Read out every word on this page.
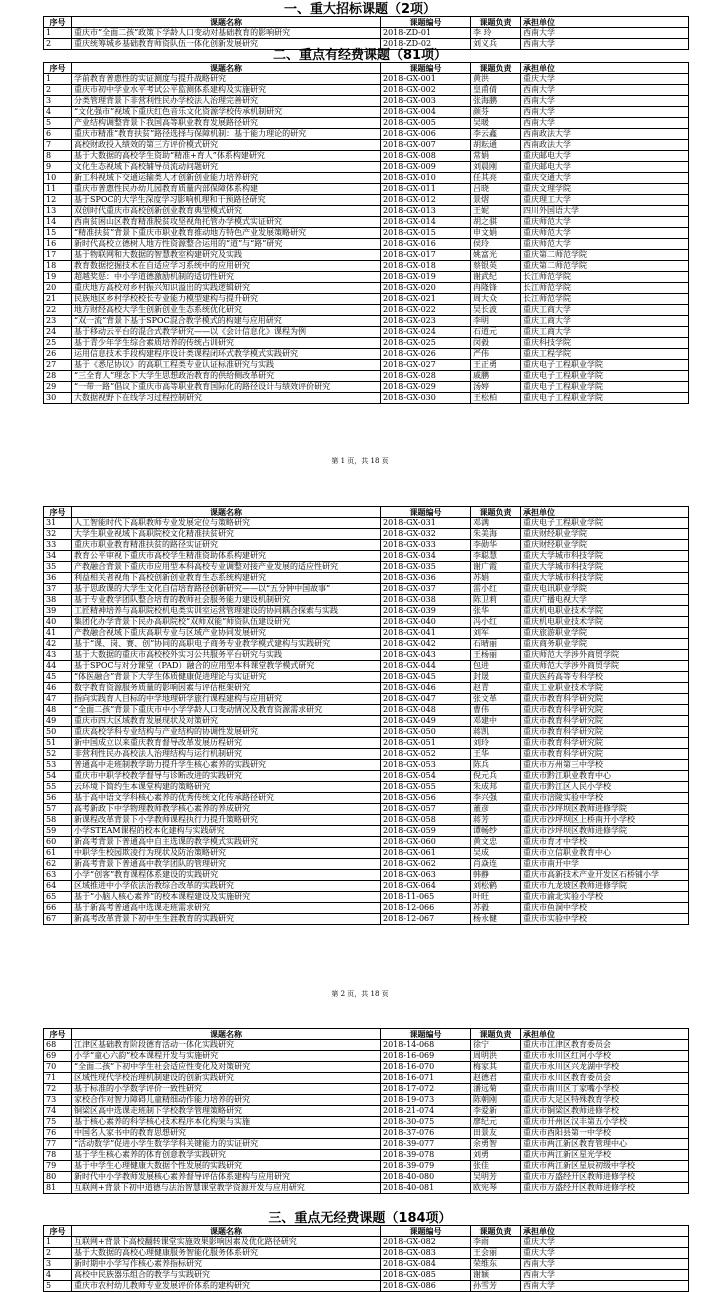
一、重大招标课题（2项）
序号	课题名称	课题编号	课题负责	承担单位
1	重庆市“全面二孩”政策下学龄人口变动对基础教育的影响研究	2018-ZD-01	李 玲	西南大学
2	重庆统筹城乡基础教育师资队伍一体化创新发展研究	2018-ZD-02	刘义兵	西南大学
二、重点有经费课题（81项）
序号	课题名称	课题编号	课题负责	承担单位
1	学前教育普惠性的实证测度与提升战略研究	2018-GX-001	黄洪	重庆大学
2	重庆市初中学业水平考试公平监测体系建构及实施研究	2018-GX-002	皇甫倩	西南大学
3	分类管理背景下非营利性民办学校法人治理完善研究	2018-GX-003	张海鹏	西南大学
4	“文化强市”视域下重庆红色音乐文化资源学校传承机制研究	2018-GX-004	颜芬	西南大学
5	产业结构调整背景下我国高等职业教育发展路径研究	2018-GX-005	吴暖	西南大学
6	重庆市精准“教育扶贫”路径选择与保障机制：基于能力理论的研究	2018-GX-006	李云鑫	西南政法大学
7	高校财政投入绩效的第三方评价模式研究	2018-GX-007	胡耘通	西南政法大学
8	基于大数据的高校学生资助“精准+育人”体系构建研究	2018-GX-008	常娟	重庆邮电大学
9	文化生态视域下高校辅导员流动问题研究	2018-GX-009	刘晨刚	重庆邮电大学
10	新工科视域下交通运输类人才创新创业能力培养研究	2018-GX-010	任其亮	重庆交通大学
11	重庆市普惠性民办幼儿园教育质量内部保障体系构建	2018-GX-011	吕晓	重庆文理学院
12	基于SPOC的大学生深度学习影响机理和干预路径研究	2018-GX-012	景熠	重庆理工大学
13	双创时代重庆市高校创新创业教育典型模式研究	2018-GX-013	王妮	四川外国语大学
14	西南贫困山区教育精准脱贫攻坚视角托管办学模式实证研究	2018-GX-014	胡之骐	重庆师范大学
15	“精准扶贫”背景下重庆市职业教育推动地方特色产业发展策略研究	2018-GX-015	申文娟	重庆师范大学
16	新时代高校立德树人地方性资源整合运用的“道”与“路”研究	2018-GX-016	侯玲	重庆师范大学
17	基于物联网和大数据的智慧教室构建研究及实践	2018-GX-017	姚富光	重庆第二师范学院
18	教育数据挖掘技术在自适应学习系统中的应用研究	2018-GX-018	蔡银英	重庆第二师范学院
19	超越奖惩：中小学道德激励机制的适切性研究	2018-GX-019	谢武纪	长江师范学院
20	重庆地方高校对乡村振兴知识溢出的实践逻辑研究	2018-GX-020	冉隆锋	长江师范学院
21	民族地区乡村学校校长专业能力模型建构与提升研究	2018-GX-021	周大众	长江师范学院
22	地方财经高校大学生创新创业生态系统优化研究	2018-GX-022	吴长波	重庆工商大学
23	“双一流”背景下基于SPOC混合教学模式的构建与应用研究	2018-GX-023	李明	重庆工商大学
24	基于移动云平台的混合式教学研究——以《会计信息化》课程为例	2018-GX-024	石道元	重庆工商大学
25	基于青少年学生综合素质培养的传统占训研究	2018-GX-025	闵毅	重庆科技学院
26	运用信息技术手段构建程序设计类课程闭环式教学模式实践研究	2018-GX-026	严伟	重庆工程学院
27	基于《悉尼协议》的高职工程类专业认证标准研究与实践	2018-GX-027	王正勇	重庆电子工程职业学院
28	“三全育人”理念下大学生思想政治教育的供给侧改革研究	2018-GX-028	戚鹏	重庆电子工程职业学院
29	“一带一路”倡议下重庆市高等职业教育国际化的路径设计与绩效评价研究	2018-GX-029	汤婷	重庆电子工程职业学院
30	大数据视野下在线学习过程控制研究	2018-GX-030	王松柏	重庆电子工程职业学院
第 1 页，共 18 页
序号	课题名称	课题编号	课题负责	承担单位
31	人工智能时代下高职教师专业发展定位与策略研究	2018-GX-031	邓满	重庆电子工程职业学院
32	大学生职业视域下高职院校文化精准扶贫研究	2018-GX-032	朱美海	重庆财经职业学院
33	重庆市职业教育精准扶贫的路径实证研究	2018-GX-033	李勋华	重庆财经职业学院
34	教育公平审视下重庆市高校学生精准资助体系构建研究	2018-GX-034	李聪慧	重庆大学城市科技学院
35	产教融合背景下重庆市应用型本科高校专业调整对接产业发展的适应性研究	2018-GX-035	谢广霞	重庆大学城市科技学院
36	利益相关者视角下高校创新创业教育生态系统构建研究	2018-GX-036	苏娟	重庆大学城市科技学院
37	基于思政课的大学生文化自信培育路径创新研究——以“五分钟中国故事”	2018-GX-037	雷小红	重庆电讯职业学院
38	基于专业教学团队整合培育的教师社会服务能力建设机制研究	2018-GX-038	陈卫莉	重庆广播电视大学
39	工匠精神培养与高职院校机电类实训室运营管理建设的协同耦合探索与实践	2018-GX-039	张华	重庆机电职业技术学院
40	集团化办学背景下民办高职院校“双师双能”师资队伍建设研究	2018-GX-040	冯小红	重庆机电职业技术学院
41	产教融合视域下重庆高职专业与区域产业协同发展研究	2018-GX-041	刘军	重庆旅游职业学院
42	基于“课、岗、赛、创”协同的高职电子商务专业教学模式建构与实践研究	2018-GX-042	石晴丽	重庆商务职业学院
43	基于大数据的重庆市高校校外实习公共服务平台研究与实践	2018-GX-043	王杨丽	重庆师范大学涉外商贸学院
44	基于SPOC与对分课堂（PAD）融合的应用型本科课堂教学模式研究	2018-GX-044	包进	重庆师范大学涉外商贸学院
45	“体医融合”背景下大学生体质健康促进理论与实证研究	2018-GX-045	封晟	重庆医药高等专科学校
46	数字教育资源服务质量的影响因素与评估框架研究	2018-GX-046	赵青	重庆工业职业技术学院
47	指向实践育人目标的中学地理研学旅行课程建构与应用研究	2018-GX-047	张文革	重庆市教育科学研究院
48	“全面二孩”背景下重庆市中小学学龄人口变动情况及教育资源需求研究	2018-GX-048	曹伟	重庆市教育科学研究院
49	重庆市四大区域教育发展现状及对策研究	2018-GX-049	邓建中	重庆市教育科学研究院
50	重庆高校学科专业结构与产业结构的协调性发展研究	2018-GX-050	蒋凯	重庆市教育科学研究院
51	新中国成立以来重庆教育督导改革发展历程研究	2018-GX-051	刘玲	重庆市教育科学研究院
52	非营利性民办高校法人治理结构与运行机制研究	2018-GX-052	王华	重庆市教育科学研究院
53	普通高中走班制教学助力提升学生核心素养的实践研究	2018-GX-053	陈兵	重庆市万州第三中学校
54	重庆市中职学校教学督导与诊断改进的实践研究	2018-GX-054	倪元兵	重庆市黔江职业教育中心
55	云环境下简约生本课堂构建的策略研究	2018-GX-055	朱成邦	重庆市黔江区人民小学校
56	基于高中语文学科核心素养的优秀传统文化传承路径研究	2018-GX-056	李兴强	重庆市涪陵实验中学校
57	高考新政下中学物理教师教学核心素养的养成研究	2018-GX-057	董彦	重庆市沙坪坝区教师进修学院
58	新课程改革背景下小学教师课程执行力提升策略研究	2018-GX-058	蒋芳	重庆市沙坪坝区上桥南开小学校
59	小学STEAM课程的校本化建构与实践研究	2018-GX-059	谭畅纱	重庆市沙坪坝区教师进修学院
60	新高考背景下普通高中自主选课的教学模式实践研究	2018-GX-060	黄文忠	重庆市育才中学校
61	中职学生校园欺凌行为现状及防治策略研究	2018-GX-061	吴成	重庆市立信职业教育中心
62	新高考背景下普通高中教学团队的管理研究	2018-GX-062	肖焱连	重庆市南开中学
63	小学“创客”教育课程体系建设的实践研究	2018-GX-063	韩静	重庆市高新技术产业开发区石桥铺小学
64	区域推进中小学依法治教综合改革的实践研究	2018-GX-064	刘松鹤	重庆市九龙坡区教师进修学院
65	基于“小脑人核心素养”的校本课程建设及实施研究	2018-11-065	叶旺	重庆市渝北实验小学校
66	基于新高考普通高中选课走班需求研究	2018-12-066	苏毅	重庆市鱼洞中学校
67	新高考改革背景下初中生生涯教育的实践研究	2018-12-067	杨永健	重庆市实验中学校
第 2 页，共 18 页
序号	课题名称	课题编号	课题负责	承担单位
68	江津区基础教育阶段德育活动一体化实践研究	2018-14-068	徐宁	重庆市江津区教育委员会
69	小学“童心六韵”校本课程开发与实施研究	2018-16-069	周明洪	重庆市永川区红河小学校
70	“全面二孩”下初中学生社会适应性变化及对策研究	2018-16-070	梅家其	重庆市永川区兴龙湖中学校
71	区域性现代学校治理机制建设的创新实践研究	2018-16-071	赵德君	重庆市永川区教育委员会
72	基于标准的小学数学评价一致性研究	2018-17-072	潘远菊	重庆市南川区丁家嘴小学校
73	家校合作对智力障碍儿童精细动作能力培养的研究	2018-19-073	陈朝刚	重庆市大足区特殊教育学校
74	铜梁区高中选课走班制下学校教学管理策略研究	2018-21-074	李爱新	重庆市铜梁区教师进修学校
75	基于核心素养的科学核心技术程序本化构架与实施	2018-30-075	廖纪元	重庆市开州区汉丰第五小学校
76	中国名人家书中的教育思想研究	2018-37-076	田景友	重庆市酉阳县第一中学校
77	“活动数学”促进小学生数学学科关键能力的实证研究	2018-39-077	余勇智	重庆市两江新区教育管理中心
78	基于学生核心素养的体育创意教学实践研究	2018-39-078	刘勇	重庆市两江新区星光学校
79	基于中学生心理健康大数据个性发展的实践研究	2018-39-079	张佳	重庆市两江新区星辰初级中学校
80	新时代中小学教师发展核心素养督导评估体系建构与应用研究	2018-40-080	吴明芳	重庆市万盛经开区教师进修学校
81	互联网+背景下初中道德与法治智慧课堂教学资源开发与应用研究	2018-40-081	欧宪琴	重庆市万盛经开区教师进修学校
三、重点无经费课题（184项）
序号	课题名称	课题编号	课题负责	承担单位
1	互联网+背景下高校翻转课堂实施效果影响因素及优化路径研究	2018-GX-082	李雨	重庆大学
2	基于大数据的高校心理健康服务智能化服务体系研究	2018-GX-083	王会丽	重庆大学
3	新时期中小学写作核心素养指标研究	2018-GX-084	荣维东	西南大学
4	高校中民族器乐组合的教学与实践研究	2018-GX-085	谢颖	西南大学
5	重庆市农村幼儿教师专业发展评价体系的建构研究	2018-GX-086	孙雪芳	西南大学
